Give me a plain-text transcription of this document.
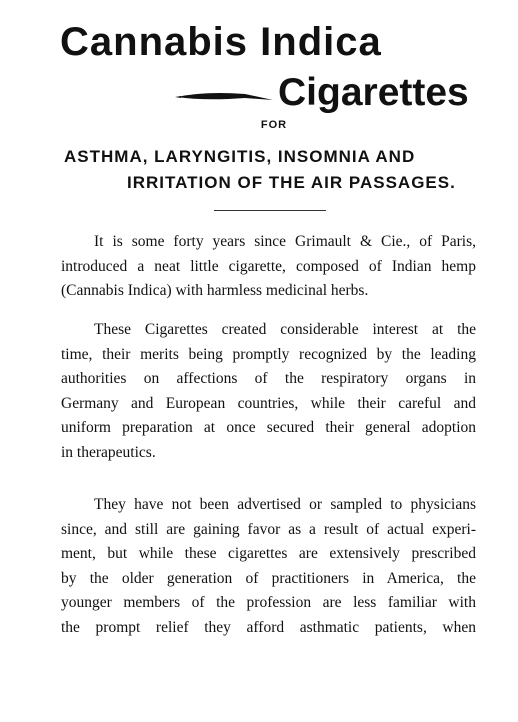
Cannabis Indica
Cigarettes
FOR
ASTHMA, LARYNGITIS, INSOMNIA AND
IRRITATION OF THE AIR PASSAGES.
It is some forty years since Grimault & Cie., of Paris,
introduced a neat little cigarette, composed of Indian hemp
(Cannabis Indica) with harmless medicinal herbs.
These Cigarettes created considerable interest at the
time, their merits being promptly recognized by the leading
authorities on affections of the respiratory organs in
Germany and European countries, while their careful and
uniform preparation at once secured their general adoption
in therapeutics.
They have not been advertised or sampled to physicians
since, and still are gaining favor as a result of actual experi-
ment, but while these cigarettes are extensively prescribed
by the older generation of practitioners in America, the
younger members of the profession are less familiar with
the prompt relief they afford asthmatic patients, when
